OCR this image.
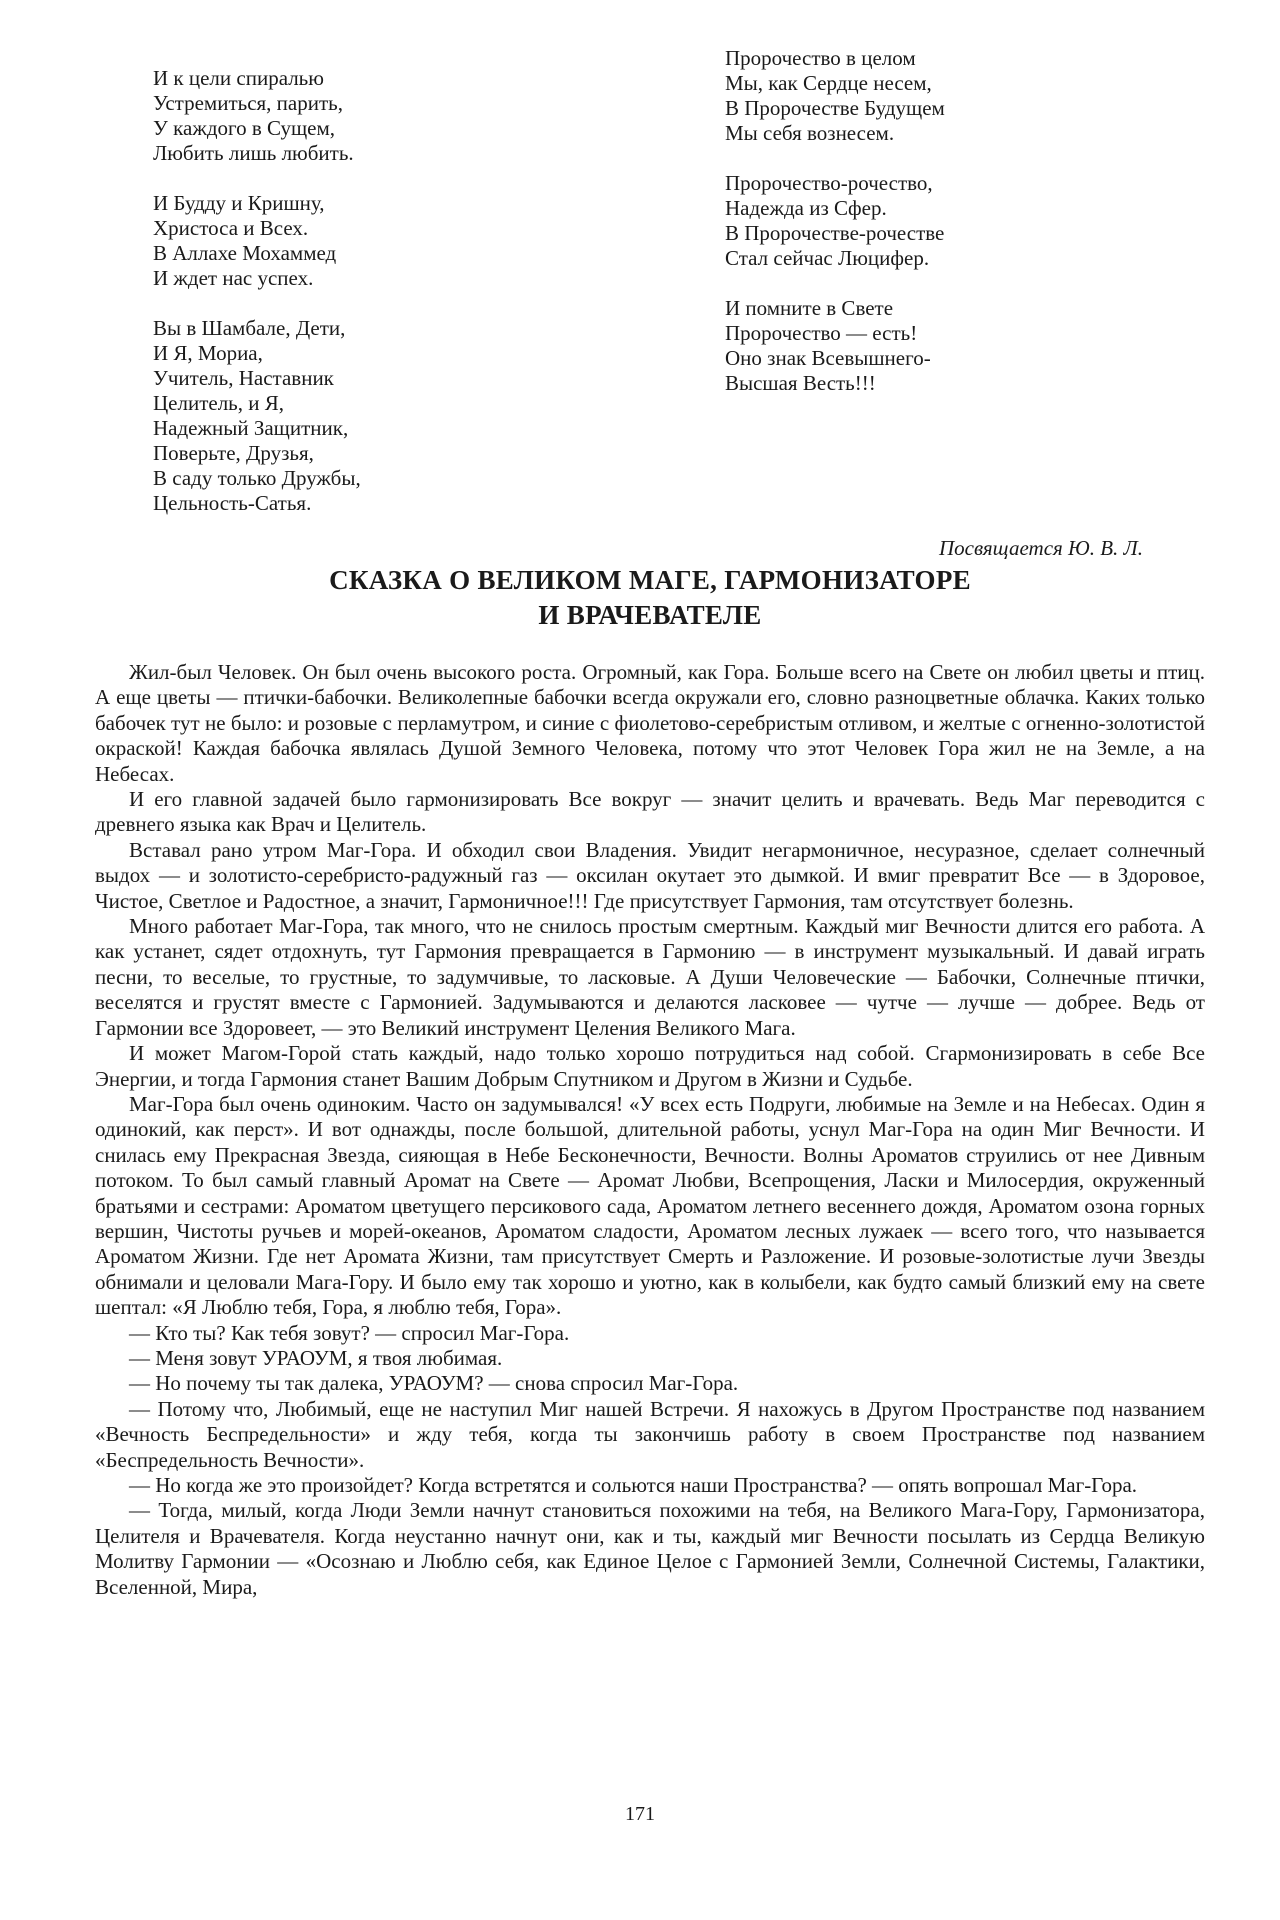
И к цели спиралью
Устремиться, парить,
У каждого в Сущем,
Любить лишь любить.
И Будду и Кришну,
Христоса и Всех.
В Аллахе Мохаммед
И ждет нас успех.
Вы в Шамбале, Дети,
И Я, Мориа,
Учитель, Наставник
Целитель, и Я,
Надежный Защитник,
Поверьте, Друзья,
В саду только Дружбы,
Цельность-Сатья.
Пророчество в целом
Мы, как Сердце несем,
В Пророчестве Будущем
Мы себя вознесем.
Пророчество-рочество,
Надежда из Сфер.
В Пророчестве-рочестве
Стал сейчас Люцифер.
И помните в Свете
Пророчество — есть!
Оно знак Всевышнего-
Высшая Весть!!!
Посвящается Ю. В. Л.
СКАЗКА О ВЕЛИКОМ МАГЕ, ГАРМОНИЗАТОРЕ
И ВРАЧЕВАТЕЛЕ

Жил-был Человек. Он был очень высокого роста. Огромный, как Гора. Больше всего на Свете он любил цветы и птиц. А еще цветы — птички-бабочки. Великолепные бабочки всегда окружали его, словно разноцветные облачка. Каких только бабочек тут не было: и розовые с перламутром, и синие с фиолетово-серебристым отливом, и желтые с огненно-золотистой окраской! Каждая бабочка являлась Душой Земного Человека, потому что этот Человек Гора жил не на Земле, а на Небесах.

И его главной задачей было гармонизировать Все вокруг — значит целить и врачевать. Ведь Маг переводится с древнего языка как Врач и Целитель.

Вставал рано утром Маг-Гора. И обходил свои Владения. Увидит негармоничное, несуразное, сделает солнечный выдох — и золотисто-серебристо-радужный газ — оксилан окутает это дымкой. И вмиг превратит Все — в Здоровое, Чистое, Светлое и Радостное, а значит, Гармоничное!!! Где присутствует Гармония, там отсутствует болезнь.

Много работает Маг-Гора, так много, что не снилось простым смертным. Каждый миг Вечности длится его работа. А как устанет, сядет отдохнуть, тут Гармония превращается в Гармонию — в инструмент музыкальный. И давай играть песни, то веселые, то грустные, то задумчивые, то ласковые. А Души Человеческие — Бабочки, Солнечные птички, веселятся и грустят вместе с Гармонией. Задумываются и делаются ласковее — чутче — лучше — добрее. Ведь от Гармонии все Здоровеет, — это Великий инструмент Целения Великого Мага.

И может Магом-Горой стать каждый, надо только хорошо потрудиться над собой. Сгармонизировать в себе Все Энергии, и тогда Гармония станет Вашим Добрым Спутником и Другом в Жизни и Судьбе.

Маг-Гора был очень одиноким. Часто он задумывался! «У всех есть Подруги, любимые на Земле и на Небесах. Один я одинокий, как перст». И вот однажды, после большой, длительной работы, уснул Маг-Гора на один Миг Вечности. И снилась ему Прекрасная Звезда, сияющая в Небе Бесконечности, Вечности. Волны Ароматов струились от нее Дивным потоком. То был самый главный Аромат на Свете — Аромат Любви, Всепрощения, Ласки и Милосердия, окруженный братьями и сестрами: Ароматом цветущего персикового сада, Ароматом летнего весеннего дождя, Ароматом озона горных вершин, Чистоты ручьев и морей-океанов, Ароматом сладости, Ароматом лесных лужаек — всего того, что называется Ароматом Жизни. Где нет Аромата Жизни, там присутствует Смерть и Разложение. И розовые-золотистые лучи Звезды обнимали и целовали Мага-Гору. И было ему так хорошо и уютно, как в колыбели, как будто самый близкий ему на свете шептал: «Я Люблю тебя, Гора, я люблю тебя, Гора».

— Кто ты? Как тебя зовут? — спросил Маг-Гора.

— Меня зовут УРАОУМ, я твоя любимая.

— Но почему ты так далека, УРАОУМ? — снова спросил Маг-Гора.

— Потому что, Любимый, еще не наступил Миг нашей Встречи. Я нахожусь в Другом Пространстве под названием «Вечность Беспредельности» и жду тебя, когда ты закончишь работу в своем Пространстве под названием «Беспредельность Вечности».

— Но когда же это произойдет? Когда встретятся и сольются наши Пространства? — опять вопрошал Маг-Гора.

— Тогда, милый, когда Люди Земли начнут становиться похожими на тебя, на Великого Мага-Гору, Гармонизатора, Целителя и Врачевателя. Когда неустанно начнут они, как и ты, каждый миг Вечности посылать из Сердца Великую Молитву Гармонии — «Осознаю и Люблю себя, как Единое Целое с Гармонией Земли, Солнечной Системы, Галактики, Вселенной, Мира,

171
